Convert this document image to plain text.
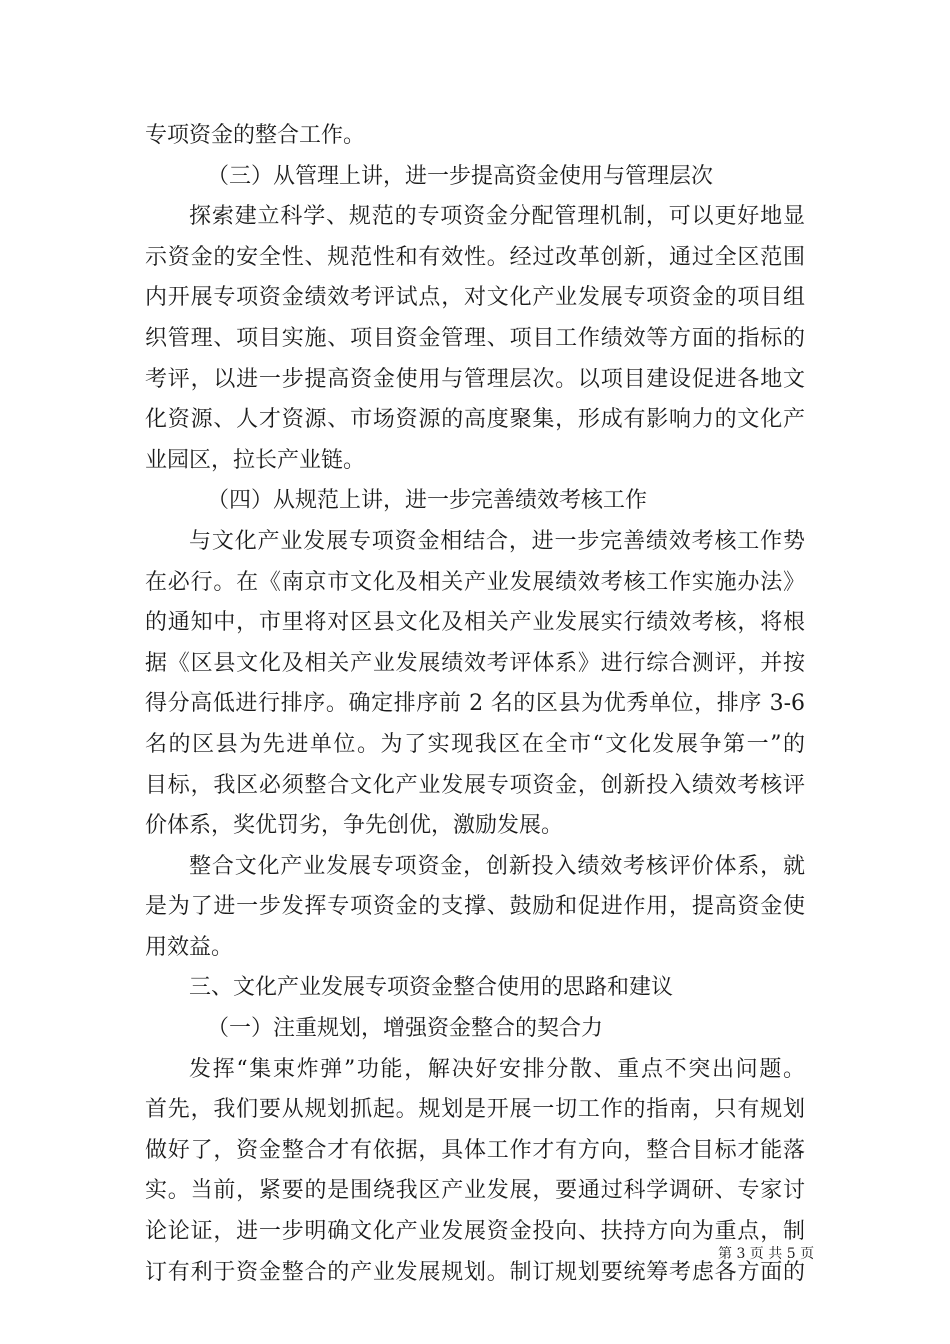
专项资金的整合工作。
（三）从管理上讲，进一步提高资金使用与管理层次
探索建立科学、规范的专项资金分配管理机制，可以更好地显
示资金的安全性、规范性和有效性。经过改革创新，通过全区范围
内开展专项资金绩效考评试点，对文化产业发展专项资金的项目组
织管理、项目实施、项目资金管理、项目工作绩效等方面的指标的
考评，以进一步提高资金使用与管理层次。以项目建设促进各地文
化资源、人才资源、市场资源的高度聚集，形成有影响力的文化产
业园区，拉长产业链。
（四）从规范上讲，进一步完善绩效考核工作
与文化产业发展专项资金相结合，进一步完善绩效考核工作势
在必行。在《南京市文化及相关产业发展绩效考核工作实施办法》
的通知中，市里将对区县文化及相关产业发展实行绩效考核，将根
据《区县文化及相关产业发展绩效考评体系》进行综合测评，并按
得分高低进行排序。确定排序前 2 名的区县为优秀单位，排序 3-6
名的区县为先进单位。为了实现我区在全市“文化发展争第一”的
目标，我区必须整合文化产业发展专项资金，创新投入绩效考核评
价体系，奖优罚劣，争先创优，激励发展。
整合文化产业发展专项资金，创新投入绩效考核评价体系，就
是为了进一步发挥专项资金的支撑、鼓励和促进作用，提高资金使
用效益。
三、文化产业发展专项资金整合使用的思路和建议
（一）注重规划，增强资金整合的契合力
发挥“集束炸弹”功能，解决好安排分散、重点不突出问题。
首先，我们要从规划抓起。规划是开展一切工作的指南，只有规划
做好了，资金整合才有依据，具体工作才有方向，整合目标才能落
实。当前，紧要的是围绕我区产业发展，要通过科学调研、专家讨
论论证，进一步明确文化产业发展资金投向、扶持方向为重点，制
订有利于资金整合的产业发展规划。制订规划要统筹考虑各方面的
第 3 页 共 5 页
